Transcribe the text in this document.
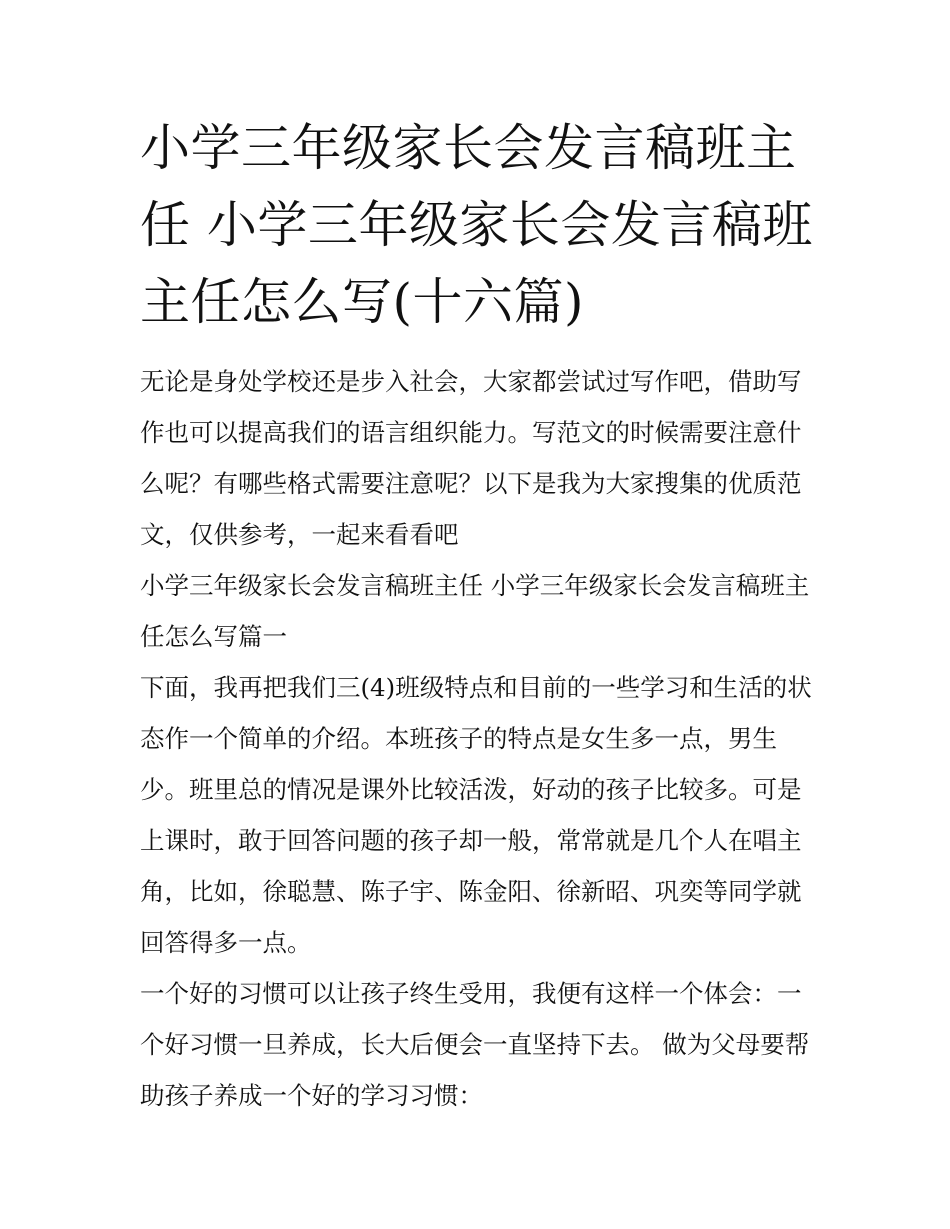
小学三年级家长会发言稿班主任 小学三年级家长会发言稿班主任怎么写(十六篇)

无论是身处学校还是步入社会，大家都尝试过写作吧，借助写作也可以提高我们的语言组织能力。写范文的时候需要注意什么呢？有哪些格式需要注意呢？以下是我为大家搜集的优质范文，仅供参考，一起来看看吧

小学三年级家长会发言稿班主任 小学三年级家长会发言稿班主任怎么写篇一

下面，我再把我们三(4)班级特点和目前的一些学习和生活的状态作一个简单的介绍。本班孩子的特点是女生多一点，男生少。班里总的情况是课外比较活泼，好动的孩子比较多。可是上课时，敢于回答问题的孩子却一般，常常就是几个人在唱主角，比如，徐聪慧、陈子宇、陈金阳、徐新昭、巩奕等同学就回答得多一点。

一个好的习惯可以让孩子终生受用，我便有这样一个体会：一个好习惯一旦养成，长大后便会一直坚持下去。 做为父母要帮助孩子养成一个好的学习习惯：
